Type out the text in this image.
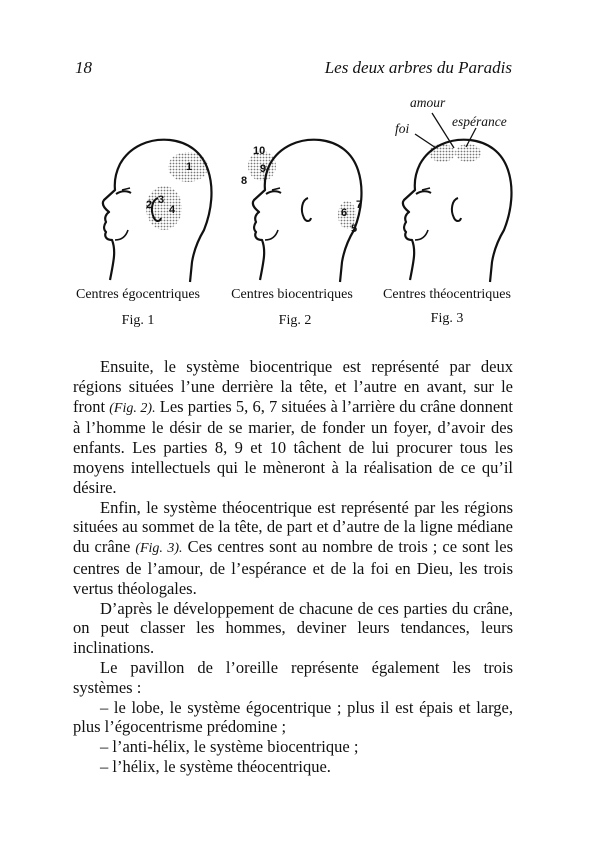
18	Les deux arbres du Paradis
1
2 3
4
10
8
9
6
7
5
amour
foi	espérance
Centres égocentriques
Fig. 1
Centres biocentriques
Fig. 2
Centres théocentriques
Fig. 3

Ensuite, le système biocentrique est représenté par deux régions situées l’une derrière la tête, et l’autre en avant, sur le front (Fig. 2). Les parties 5, 6, 7 situées à l’arrière du crâne donnent à l’homme le désir de se marier, de fonder un foyer, d’avoir des enfants. Les parties 8, 9 et 10 tâchent de lui procurer tous les moyens intellectuels qui le mèneront à la réalisation de ce qu’il désire.

Enfin, le système théocentrique est représenté par les régions situées au sommet de la tête, de part et d’autre de la ligne médiane du crâne (Fig. 3). Ces centres sont au nombre de trois ; ce sont les centres de l’amour, de l’espérance et de la foi en Dieu, les trois vertus théologales.

D’après le développement de chacune de ces parties du crâne, on peut classer les hommes, deviner leurs tendances, leurs inclinations.

Le pavillon de l’oreille représente également les trois systèmes :

– le lobe, le système égocentrique ; plus il est épais et large, plus l’égocentrisme prédomine ;

– l’anti-hélix, le système biocentrique ;

– l’hélix, le système théocentrique.
